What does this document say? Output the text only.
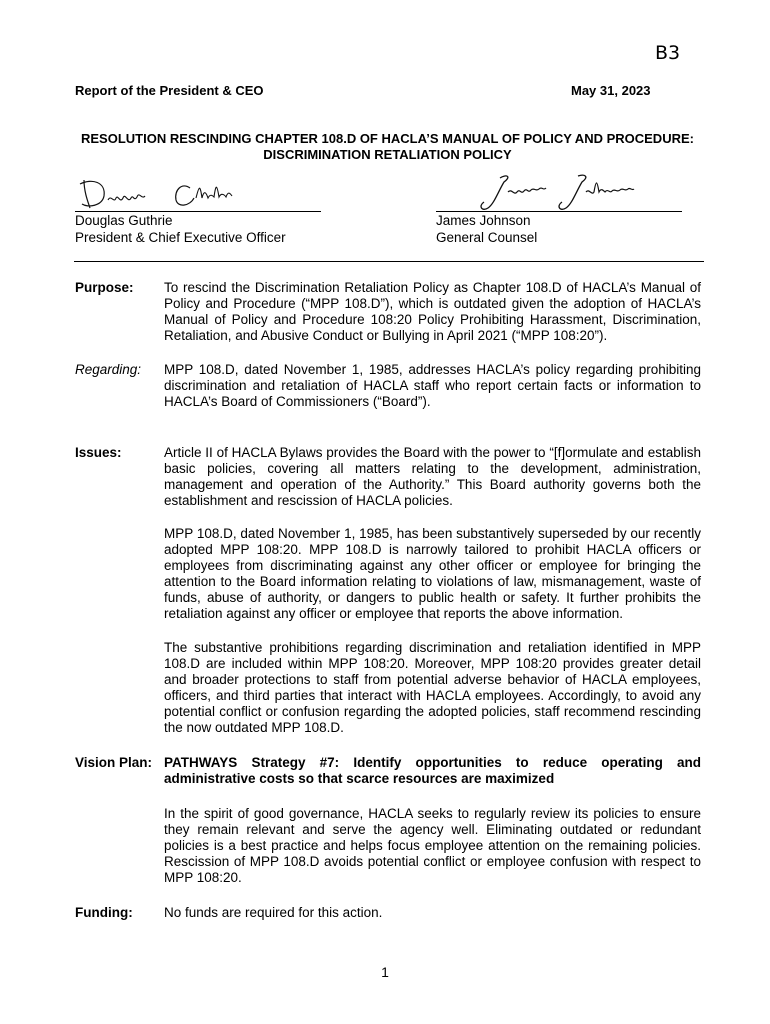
B3
Report of the President & CEO	May 31, 2023
RESOLUTION RESCINDING CHAPTER 108.D OF HACLA’S MANUAL OF POLICY AND PROCEDURE: DISCRIMINATION RETALIATION POLICY
Douglas Guthrie
President & Chief Executive Officer
James Johnson
General Counsel
Purpose: To rescind the Discrimination Retaliation Policy as Chapter 108.D of HACLA’s Manual of Policy and Procedure (“MPP 108.D”), which is outdated given the adoption of HACLA’s Manual of Policy and Procedure 108:20 Policy Prohibiting Harassment, Discrimination, Retaliation, and Abusive Conduct or Bullying in April 2021 (“MPP 108:20”).
Regarding: MPP 108.D, dated November 1, 1985, addresses HACLA’s policy regarding prohibiting discrimination and retaliation of HACLA staff who report certain facts or information to HACLA’s Board of Commissioners (“Board”).
Issues:	Article II of HACLA Bylaws provides the Board with the power to “[f]ormulate and establish basic policies, covering all matters relating to the development, administration, management and operation of the Authority.” This Board authority governs both the establishment and rescission of HACLA policies.
MPP 108.D, dated November 1, 1985, has been substantively superseded by our recently adopted MPP 108:20. MPP 108.D is narrowly tailored to prohibit HACLA officers or employees from discriminating against any other officer or employee for bringing the attention to the Board information relating to violations of law, mismanagement, waste of funds, abuse of authority, or dangers to public health or safety. It further prohibits the retaliation against any officer or employee that reports the above information.
The substantive prohibitions regarding discrimination and retaliation identified in MPP 108.D are included within MPP 108:20. Moreover, MPP 108:20 provides greater detail and broader protections to staff from potential adverse behavior of HACLA employees, officers, and third parties that interact with HACLA employees. Accordingly, to avoid any potential conflict or confusion regarding the adopted policies, staff recommend rescinding the now outdated MPP 108.D.
Vision Plan: PATHWAYS Strategy #7: Identify opportunities to reduce operating and administrative costs so that scarce resources are maximized
In the spirit of good governance, HACLA seeks to regularly review its policies to ensure they remain relevant and serve the agency well. Eliminating outdated or redundant policies is a best practice and helps focus employee attention on the remaining policies. Rescission of MPP 108.D avoids potential conflict or employee confusion with respect to MPP 108:20.
Funding: No funds are required for this action.
1
